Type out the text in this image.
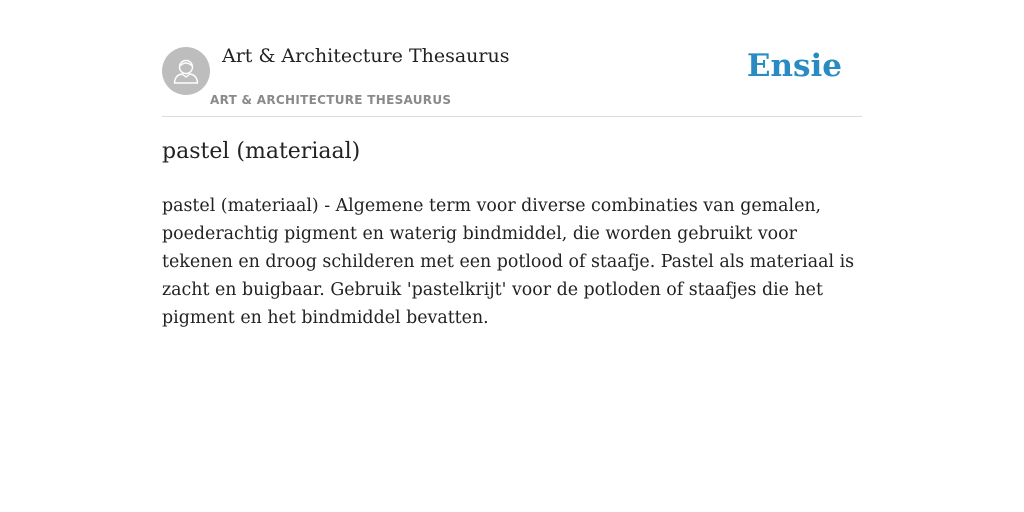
Art & Architecture Thesaurus
ART & ARCHITECTURE THESAURUS
Ensie
pastel (materiaal)

pastel (materiaal) - Algemene term voor diverse combinaties van gemalen, poederachtig pigment en waterig bindmiddel, die worden gebruikt voor tekenen en droog schilderen met een potlood of staafje. Pastel als materiaal is zacht en buigbaar. Gebruik 'pastelkrijt' voor de potloden of staafjes die het pigment en het bindmiddel bevatten.
